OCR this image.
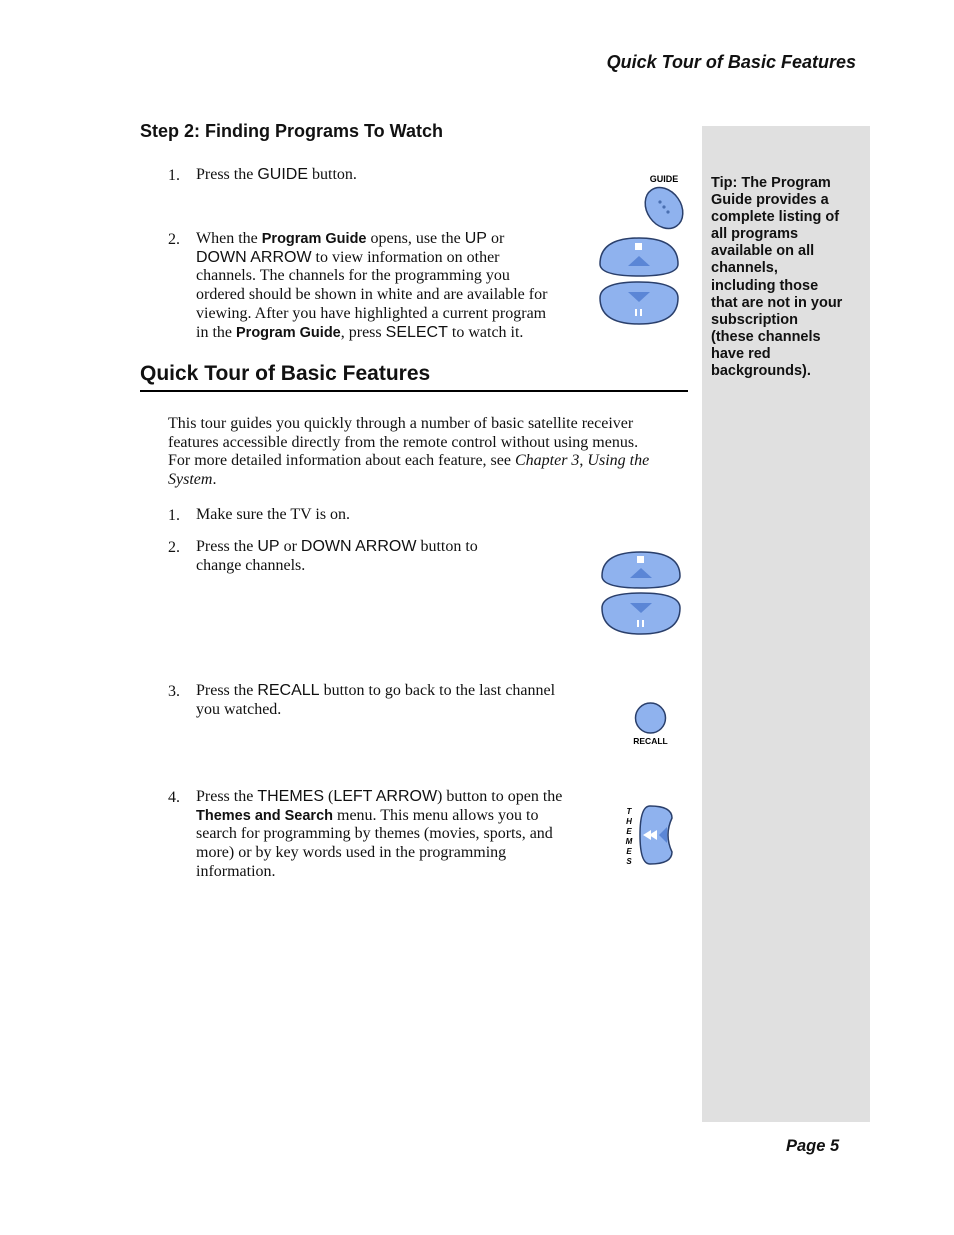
Quick Tour of Basic Features
Tip: The Program
Guide provides a
complete listing of
all programs
available on all
channels,
including those
that are not in your
subscription
(these channels
have red
backgrounds).
Step 2: Finding Programs To Watch
1. Press the GUIDE button.
2. When the Program Guide opens, use the UP or
DOWN ARROW to view information on other
channels. The channels for the programming you
ordered should be shown in white and are available for
viewing. After you have highlighted a current program
in the Program Guide, press SELECT to watch it.
GUIDE
Quick Tour of Basic Features
This tour guides you quickly through a number of basic satellite receiver
features accessible directly from the remote control without using menus.
For more detailed information about each feature, see Chapter 3, Using the
System.
1. Make sure the TV is on.
2. Press the UP or DOWN ARROW button to
change channels.
3. Press the RECALL button to go back to the last channel
you watched.
RECALL
4. Press the THEMES (LEFT ARROW) button to open the
Themes and Search menu. This menu allows you to
search for programming by themes (movies, sports, and
more) or by key words used in the programming
information.
T
H
E
M
E
S
Page 5
